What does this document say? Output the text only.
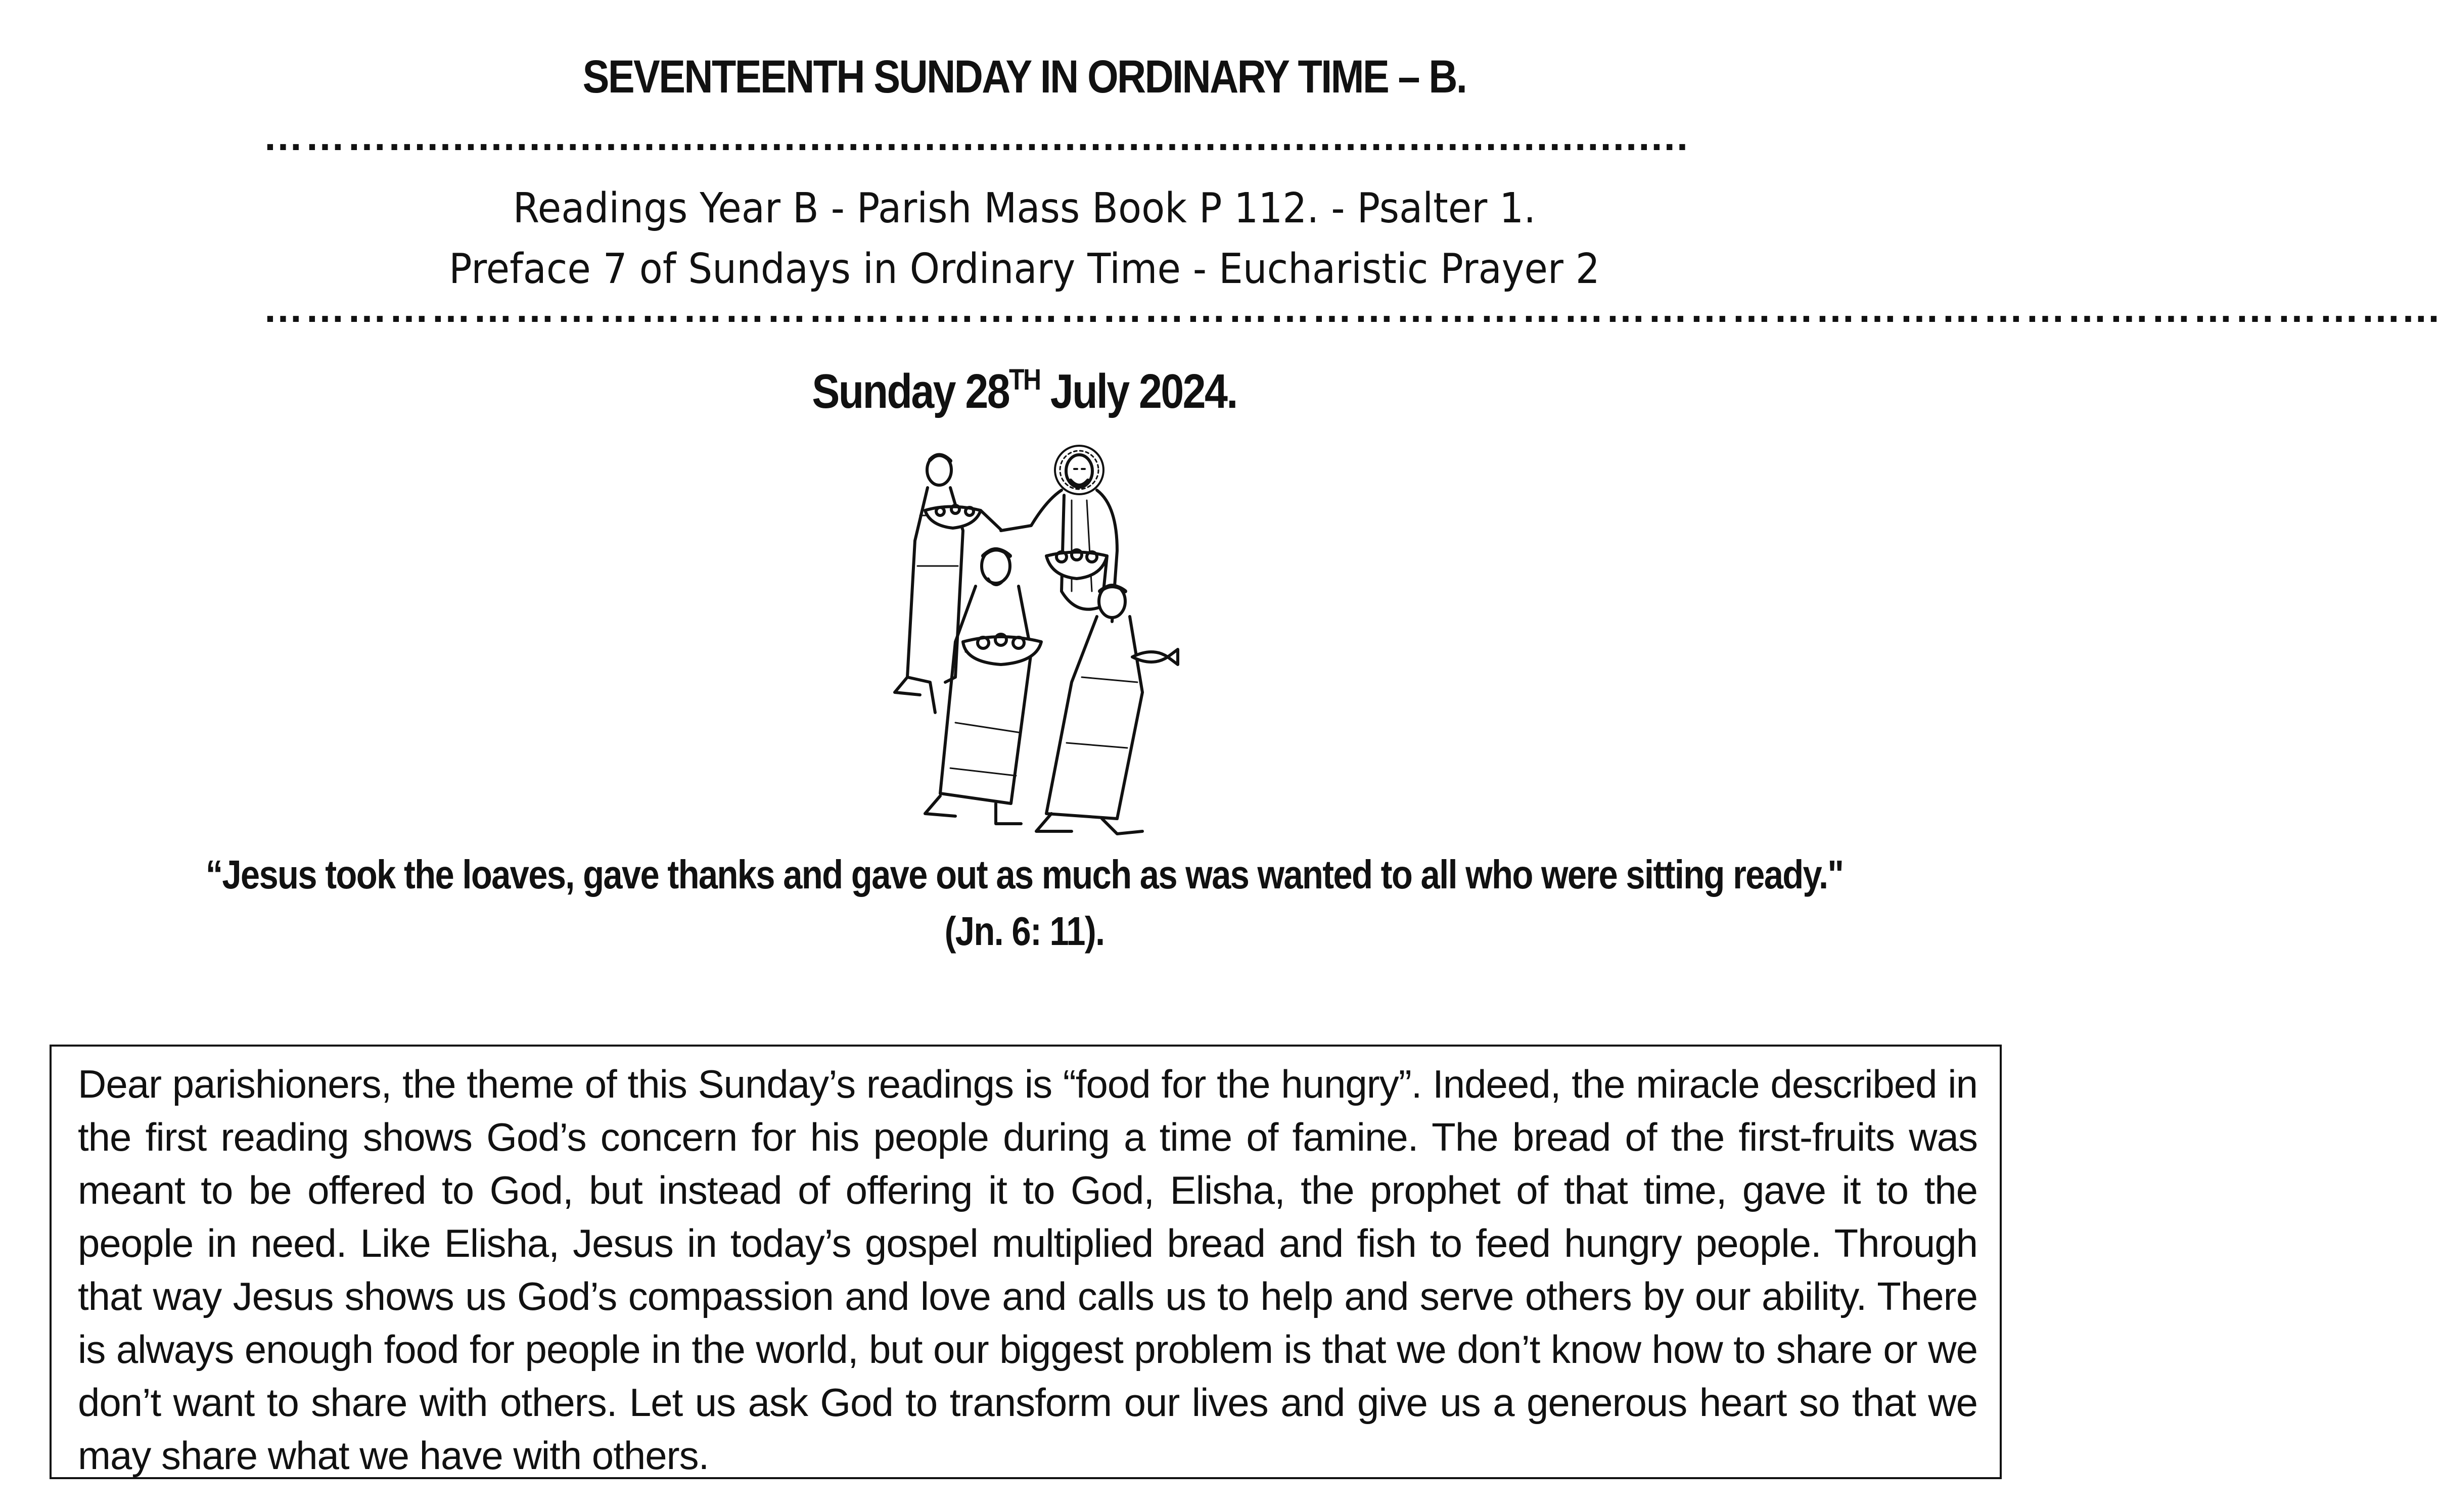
SEVENTEENTH SUNDAY IN ORDINARY TIME – B.
………......................................................................................................
Readings Year B - Parish Mass Book P 112. - Psalter 1.
Preface 7 of Sundays in Ordinary Time - Eucharistic Prayer 2
………………………………………………………………………………………………………………………………………...
Sunday 28TH July 2024.
“Jesus took the loaves, gave thanks and gave out as much as was wanted to all who were sitting ready."
(Jn. 6: 11).
Dear parishioners, the theme of this Sunday’s readings is “food for the hungry”. Indeed, the miracle described in the first reading shows God’s concern for his people during a time of famine. The bread of the first-fruits was meant to be offered to God, but instead of offering it to God, Elisha, the prophet of that time, gave it to the people in need. Like Elisha, Jesus in today’s gospel multiplied bread and fish to feed hungry people. Through that way Jesus shows us God’s compassion and love and calls us to help and serve others by our ability. There is always enough food for people in the world, but our biggest problem is that we don’t know how to share or we don’t want to share with others. Let us ask God to transform our lives and give us a generous heart so that we may share what we have with others.
